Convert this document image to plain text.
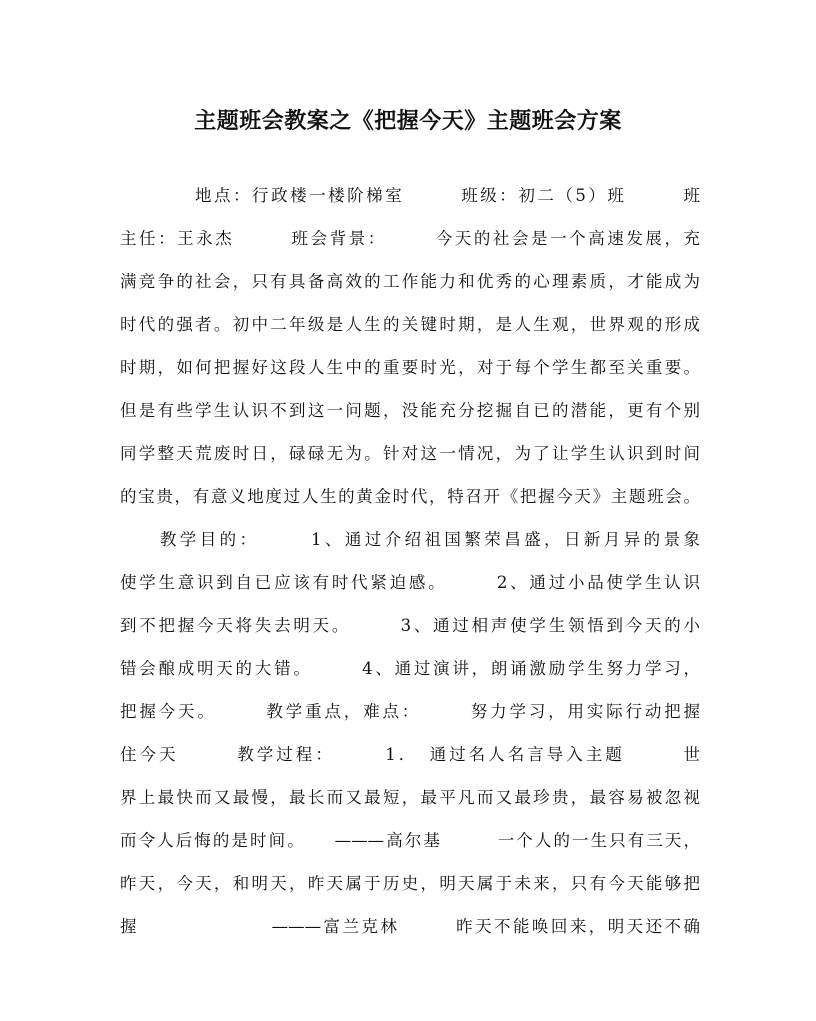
主题班会教案之《把握今天》主题班会方案
地点：行政楼一楼阶梯室　　　班级：初二（5）班　　　班
主任：王永杰　　　班会背景：　　　今天的社会是一个高速发展，充
满竞争的社会，只有具备高效的工作能力和优秀的心理素质，才能成为
时代的强者。初中二年级是人生的关键时期，是人生观，世界观的形成
时期，如何把握好这段人生中的重要时光，对于每个学生都至关重要。
但是有些学生认识不到这一问题，没能充分挖掘自已的潜能，更有个别
同学整天荒废时日，碌碌无为。针对这一情况，为了让学生认识到时间
的宝贵，有意义地度过人生的黄金时代，特召开《把握今天》主题班会。
　　教学目的：　　　1、通过介绍祖国繁荣昌盛，日新月异的景象
使学生意识到自已应该有时代紧迫感。　　　2、通过小品使学生认识
到不把握今天将失去明天。　　　3、通过相声使学生领悟到今天的小
错会酿成明天的大错。　　　4、通过演讲，朗诵激励学生努力学习，
把握今天。　　　教学重点，难点：　　　努力学习，用实际行动把握
住今天　　　教学过程：　　　1．　通过名人名言导入主题　　　世
界上最快而又最慢，最长而又最短，最平凡而又最珍贵，最容易被忽视
而令人后悔的是时间。　　———高尔基　　　一个人的一生只有三天，
昨天，今天，和明天，昨天属于历史，明天属于未来，只有今天能够把
握　　　　　　　———富兰克林　　　昨天不能唤回来，明天还不确
